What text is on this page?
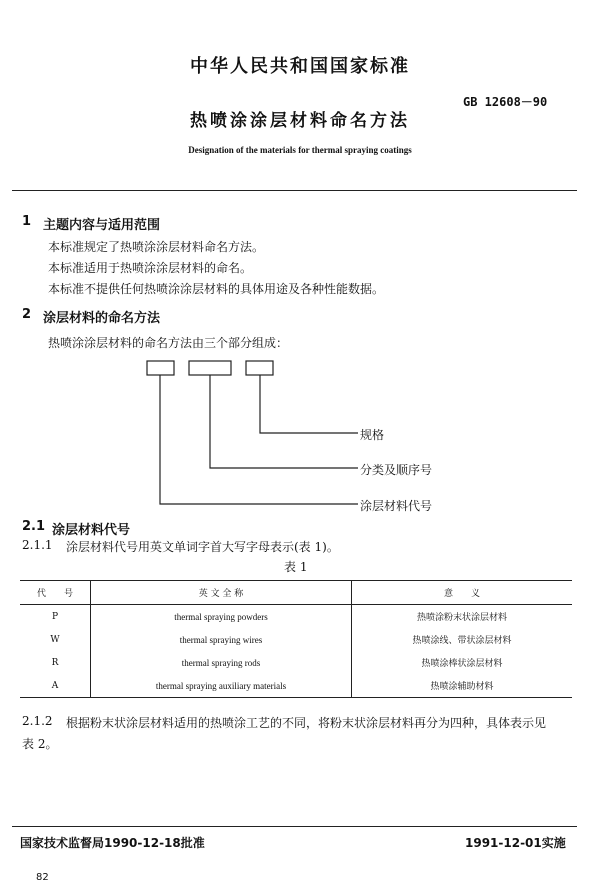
中华人民共和国国家标准
GB 12608－90
热喷涂涂层材料命名方法
Designation of the materials for thermal spraying coatings
1 主题内容与适用范围
本标准规定了热喷涂涂层材料命名方法。
本标准适用于热喷涂涂层材料的命名。
本标准不提供任何热喷涂涂层材料的具体用途及各种性能数据。
2 涂层材料的命名方法
热喷涂涂层材料的命名方法由三个部分组成：
规格
分类及顺序号
涂层材料代号
2.1 涂层材料代号
2.1.1 涂层材料代号用英文单词字首大写字母表示(表 1)。
表 1
代　　号	英 文 全 称	意　　义
P	thermal spraying powders	热喷涂粉末状涂层材料
W	thermal spraying wires	热喷涂线、带状涂层材料
R	thermal spraying rods	热喷涂棒状涂层材料
A	thermal spraying auxiliary materials	热喷涂辅助材料
2.1.2 根据粉末状涂层材料适用的热喷涂工艺的不同，将粉末状涂层材料再分为四种，具体表示见
表 2。
国家技术监督局1990-12-18批准	1991-12-01实施
82
